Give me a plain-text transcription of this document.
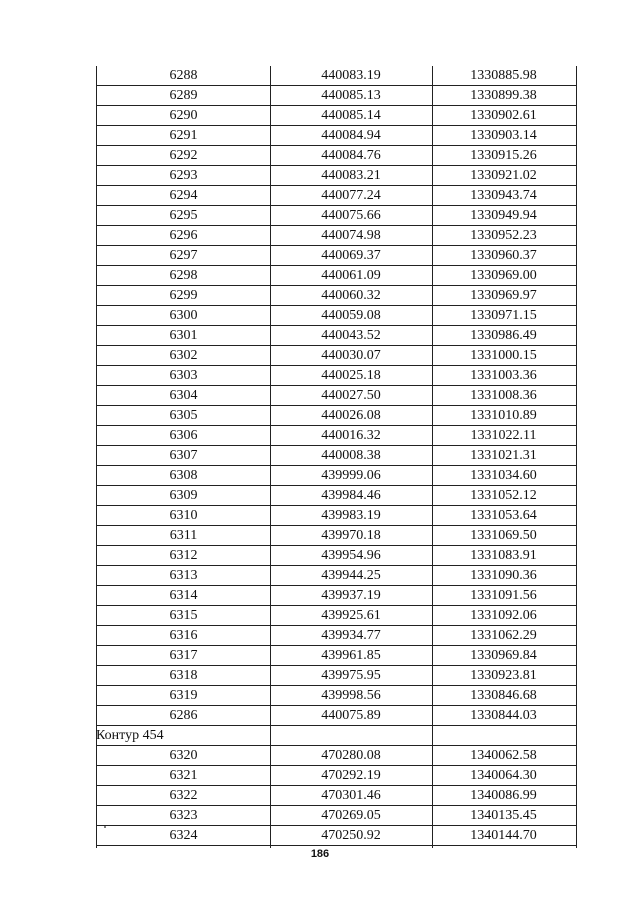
6288	440083.19	1330885.98
6289	440085.13	1330899.38
6290	440085.14	1330902.61
6291	440084.94	1330903.14
6292	440084.76	1330915.26
6293	440083.21	1330921.02
6294	440077.24	1330943.74
6295	440075.66	1330949.94
6296	440074.98	1330952.23
6297	440069.37	1330960.37
6298	440061.09	1330969.00
6299	440060.32	1330969.97
6300	440059.08	1330971.15
6301	440043.52	1330986.49
6302	440030.07	1331000.15
6303	440025.18	1331003.36
6304	440027.50	1331008.36
6305	440026.08	1331010.89
6306	440016.32	1331022.11
6307	440008.38	1331021.31
6308	439999.06	1331034.60
6309	439984.46	1331052.12
6310	439983.19	1331053.64
6311	439970.18	1331069.50
6312	439954.96	1331083.91
6313	439944.25	1331090.36
6314	439937.19	1331091.56
6315	439925.61	1331092.06
6316	439934.77	1331062.29
6317	439961.85	1330969.84
6318	439975.95	1330923.81
6319	439998.56	1330846.68
6286	440075.89	1330844.03
Контур 454		
6320	470280.08	1340062.58
6321	470292.19	1340064.30
6322	470301.46	1340086.99
6323	470269.05	1340135.45
6324	470250.92	1340144.70
186
